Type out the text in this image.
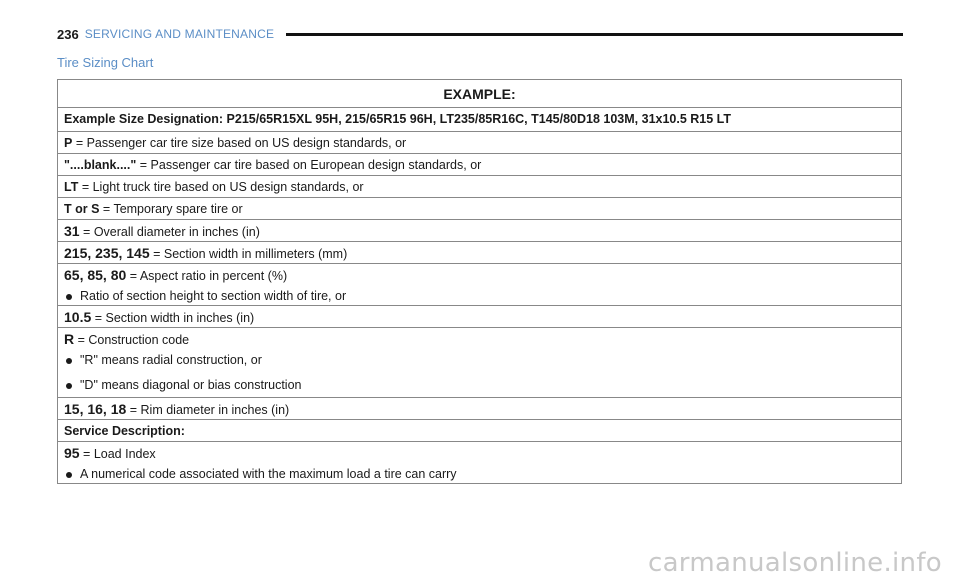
236 SERVICING AND MAINTENANCE
Tire Sizing Chart
EXAMPLE:
Example Size Designation: P215/65R15XL 95H, 215/65R15 96H, LT235/85R16C, T145/80D18 103M, 31x10.5 R15 LT
P = Passenger car tire size based on US design standards, or
"....blank...." = Passenger car tire based on European design standards, or
LT = Light truck tire based on US design standards, or
T or S = Temporary spare tire or
31 = Overall diameter in inches (in)
215, 235, 145 = Section width in millimeters (mm)
65, 85, 80 = Aspect ratio in percent (%)
Ratio of section height to section width of tire, or
10.5 = Section width in inches (in)
R = Construction code
"R" means radial construction, or
"D" means diagonal or bias construction
15, 16, 18 = Rim diameter in inches (in)
Service Description:
95 = Load Index
A numerical code associated with the maximum load a tire can carry
carmanualsonline.info
